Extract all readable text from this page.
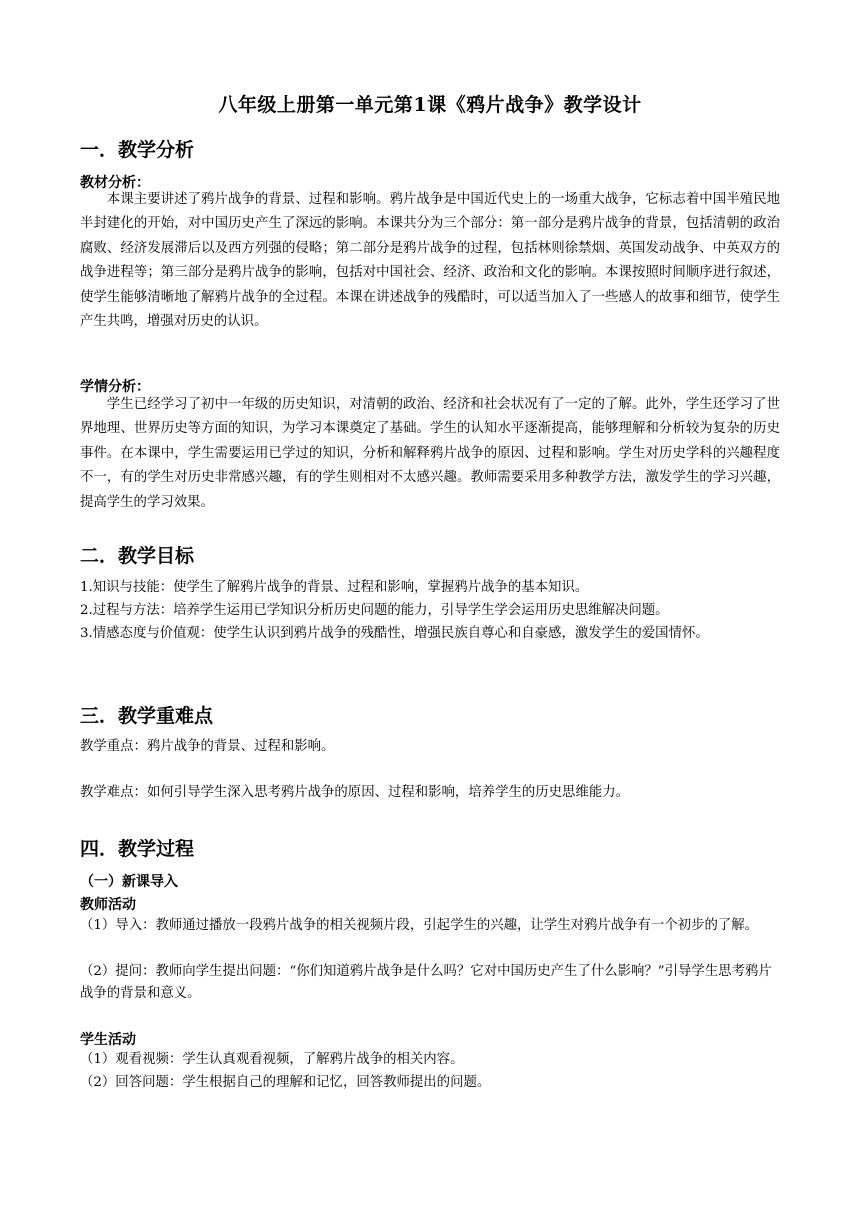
八年级上册第一单元第1课《鸦片战争》教学设计
一．教学分析
教材分析：
本课主要讲述了鸦片战争的背景、过程和影响。鸦片战争是中国近代史上的一场重大战争，它标志着中国半殖民地半封建化的开始，对中国历史产生了深远的影响。本课共分为三个部分：第一部分是鸦片战争的背景，包括清朝的政治腐败、经济发展滞后以及西方列强的侵略；第二部分是鸦片战争的过程，包括林则徐禁烟、英国发动战争、中英双方的战争进程等；第三部分是鸦片战争的影响，包括对中国社会、经济、政治和文化的影响。本课按照时间顺序进行叙述，使学生能够清晰地了解鸦片战争的全过程。本课在讲述战争的残酷时，可以适当加入了一些感人的故事和细节，使学生产生共鸣，增强对历史的认识。
学情分析：
学生已经学习了初中一年级的历史知识，对清朝的政治、经济和社会状况有了一定的了解。此外，学生还学习了世界地理、世界历史等方面的知识，为学习本课奠定了基础。学生的认知水平逐渐提高，能够理解和分析较为复杂的历史事件。在本课中，学生需要运用已学过的知识，分析和解释鸦片战争的原因、过程和影响。学生对历史学科的兴趣程度不一，有的学生对历史非常感兴趣，有的学生则相对不太感兴趣。教师需要采用多种教学方法，激发学生的学习兴趣，提高学生的学习效果。
二．教学目标
1.知识与技能：使学生了解鸦片战争的背景、过程和影响，掌握鸦片战争的基本知识。
2.过程与方法：培养学生运用已学知识分析历史问题的能力，引导学生学会运用历史思维解决问题。
3.情感态度与价值观：使学生认识到鸦片战争的残酷性，增强民族自尊心和自豪感，激发学生的爱国情怀。
三．教学重难点
教学重点：鸦片战争的背景、过程和影响。
教学难点：如何引导学生深入思考鸦片战争的原因、过程和影响，培养学生的历史思维能力。
四．教学过程
（一）新课导入
教师活动
（1）导入：教师通过播放一段鸦片战争的相关视频片段，引起学生的兴趣，让学生对鸦片战争有一个初步的了解。
（2）提问：教师向学生提出问题：“你们知道鸦片战争是什么吗？它对中国历史产生了什么影响？”引导学生思考鸦片战争的背景和意义。
学生活动
（1）观看视频：学生认真观看视频，了解鸦片战争的相关内容。
（2）回答问题：学生根据自己的理解和记忆，回答教师提出的问题。
